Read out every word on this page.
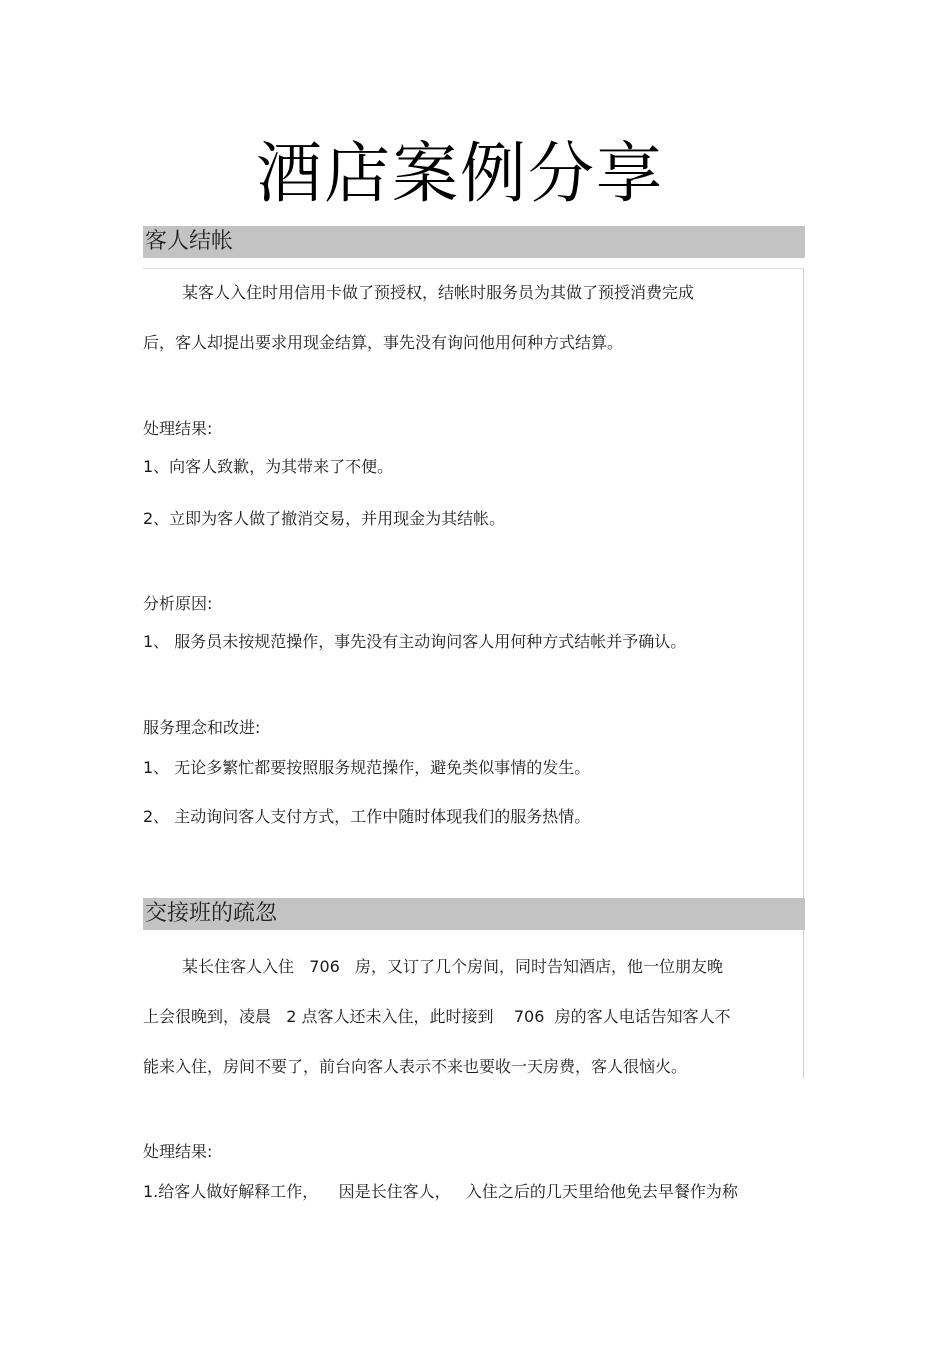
酒店案例分享
客人结帐
某客人入住时用信用卡做了预授权，结帐时服务员为其做了预授消费完成
后，客人却提出要求用现金结算，事先没有询问他用何种方式结算。
处理结果:
1、向客人致歉，为其带来了不便。
2、立即为客人做了撤消交易，并用现金为其结帐。
分析原因:
1、 服务员未按规范操作，事先没有主动询问客人用何种方式结帐并予确认。
服务理念和改进:
1、 无论多繁忙都要按照服务规范操作，避免类似事情的发生。
2、 主动询问客人支付方式，工作中随时体现我们的服务热情。
交接班的疏忽
某长住客人入住   706   房，又订了几个房间，同时告知酒店，他一位朋友晚
上会很晚到，凌晨   2 点客人还未入住，此时接到    706  房的客人电话告知客人不
能来入住，房间不要了，前台向客人表示不来也要收一天房费，客人很恼火。
处理结果:
1.给客人做好解释工作，    因是长住客人，   入住之后的几天里给他免去早餐作为称
